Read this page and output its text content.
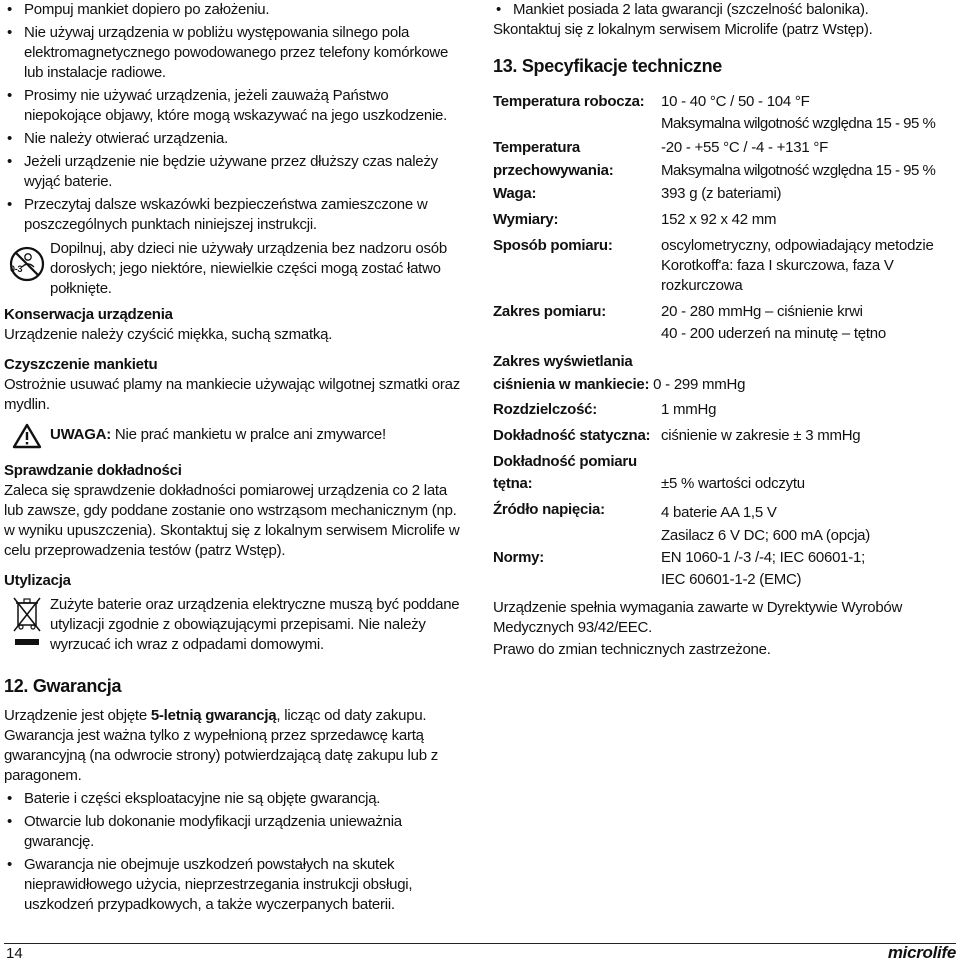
• Pompuj mankiet dopiero po założeniu.
• Nie używaj urządzenia w pobliżu występowania silnego pola elektromagnetycznego powodowanego przez telefony komórkowe lub instalacje radiowe.
• Prosimy nie używać urządzenia, jeżeli zauważą Państwo niepokojące objawy, które mogą wskazywać na jego uszkodzenie.
• Nie należy otwierać urządzenia.
• Jeżeli urządzenie nie będzie używane przez dłuższy czas należy wyjąć baterie.
• Przeczytaj dalsze wskazówki bezpieczeństwa zamieszczone w poszczególnych punktach niniejszej instrukcji.
0-3

Dopilnuj, aby dzieci nie używały urządzenia bez nadzoru osób dorosłych; jego niektóre, niewielkie części mogą zostać łatwo połknięte.

Konserwacja urządzenia

Urządzenie należy czyścić miękka, suchą szmatką.

Czyszczenie mankietu

Ostrożnie usuwać plamy na mankiecie używając wilgotnej szmatki oraz mydlin.

UWAGA: Nie prać mankietu w pralce ani zmywarce!

Sprawdzanie dokładności

Zaleca się sprawdzenie dokładności pomiarowej urządzenia co 2 lata lub zawsze, gdy poddane zostanie ono wstrząsom mechanicznym (np. w wyniku upuszczenia). Skontaktuj się z lokalnym serwisem Microlife w celu przeprowadzenia testów (patrz Wstęp).

Utylizacja

Zużyte baterie oraz urządzenia elektryczne muszą być poddane utylizacji zgodnie z obowiązującymi przepisami. Nie należy wyrzucać ich wraz z odpadami domowymi.

12. Gwarancja

Urządzenie jest objęte 5-letnią gwarancją, licząc od daty zakupu.

Gwarancja jest ważna tylko z wypełnioną przez sprzedawcę kartą gwarancyjną (na odwrocie strony) potwierdzającą datę zakupu lub z paragonem.

• Baterie i części eksploatacyjne nie są objęte gwarancją.
• Otwarcie lub dokonanie modyfikacji urządzenia unieważnia gwarancję.
• Gwarancja nie obejmuje uszkodzeń powstałych na skutek nieprawidłowego użycia, nieprzestrzegania instrukcji obsługi, uszkodzeń przypadkowych, a także wyczerpanych baterii.
• Mankiet posiada 2 lata gwarancji (szczelność balonika).

Skontaktuj się z lokalnym serwisem Microlife (patrz Wstęp).

13. Specyfikacje techniczne
Temperatura robocza:	10 - 40 °C / 50 - 104 °F
Maksymalna wilgotność względna 15 - 95 %
Temperatura
przechowywania:
-20 - +55 °C / -4 - +131 °F
Maksymalna wilgotność względna 15 - 95 %
Waga:	393 g (z bateriami)
Wymiary:	152 x 92 x 42 mm
Sposób pomiaru:	oscylometryczny, odpowiadający metodzie Korotkoff'a: faza I skurczowa, faza V rozkurczowa
Zakres pomiaru:	20 - 280 mmHg – ciśnienie krwi
40 - 200 uderzeń na minutę – tętno
Zakres wyświetlania
ciśnienia w mankiecie: 0 - 299 mmHg
Rozdzielczość:	1 mmHg
Dokładność statyczna: ciśnienie w zakresie ± 3 mmHg
Dokładność pomiaru
tętna:	±5 % wartości odczytu
Źródło napięcia:	4 baterie AA 1,5 V
Zasilacz 6 V DC; 600 mA (opcja)
Normy:	EN 1060-1 /-3 /-4; IEC 60601-1;
IEC 60601-1-2 (EMC)

Urządzenie spełnia wymagania zawarte w Dyrektywie Wyrobów Medycznych 93/42/EEC.

Prawo do zmian technicznych zastrzeżone.

14	microlife
